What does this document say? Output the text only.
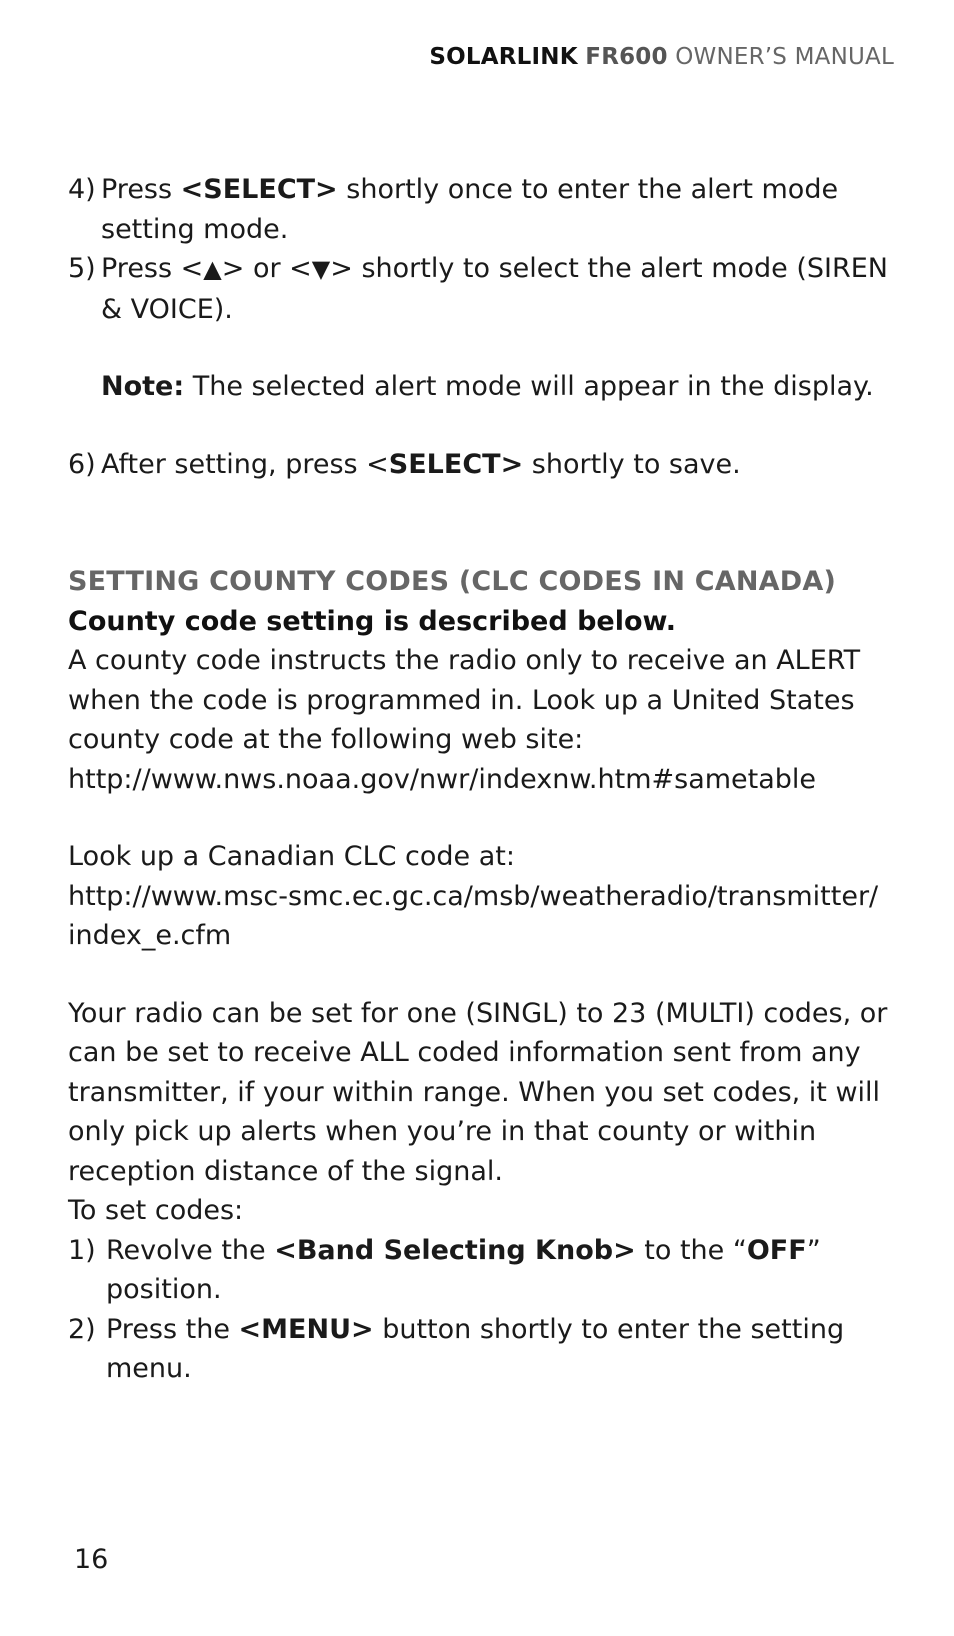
SOLARLINK FR600 OWNER’S MANUAL
4) Press <SELECT> shortly once to enter the alert mode
setting mode.
5) Press <▲> or <▼> shortly to select the alert mode (SIREN
& VOICE).
Note: The selected alert mode will appear in the display.
6) After setting, press <SELECT> shortly to save.
SETTING COUNTY CODES (CLC CODES IN CANADA)
County code setting is described below.
A county code instructs the radio only to receive an ALERT
when the code is programmed in. Look up a United States
county code at the following web site:
http://www.nws.noaa.gov/nwr/indexnw.htm#sametable
Look up a Canadian CLC code at:
http://www.msc-smc.ec.gc.ca/msb/weatheradio/transmitter/
index_e.cfm
Your radio can be set for one (SINGL) to 23 (MULTI) codes, or
can be set to receive ALL coded information sent from any
transmitter, if your within range. When you set codes, it will
only pick up alerts when you’re in that county or within
reception distance of the signal.
To set codes:
1) Revolve the <Band Selecting Knob> to the “OFF”
position.
2) Press the <MENU> button shortly to enter the setting
menu.
16
